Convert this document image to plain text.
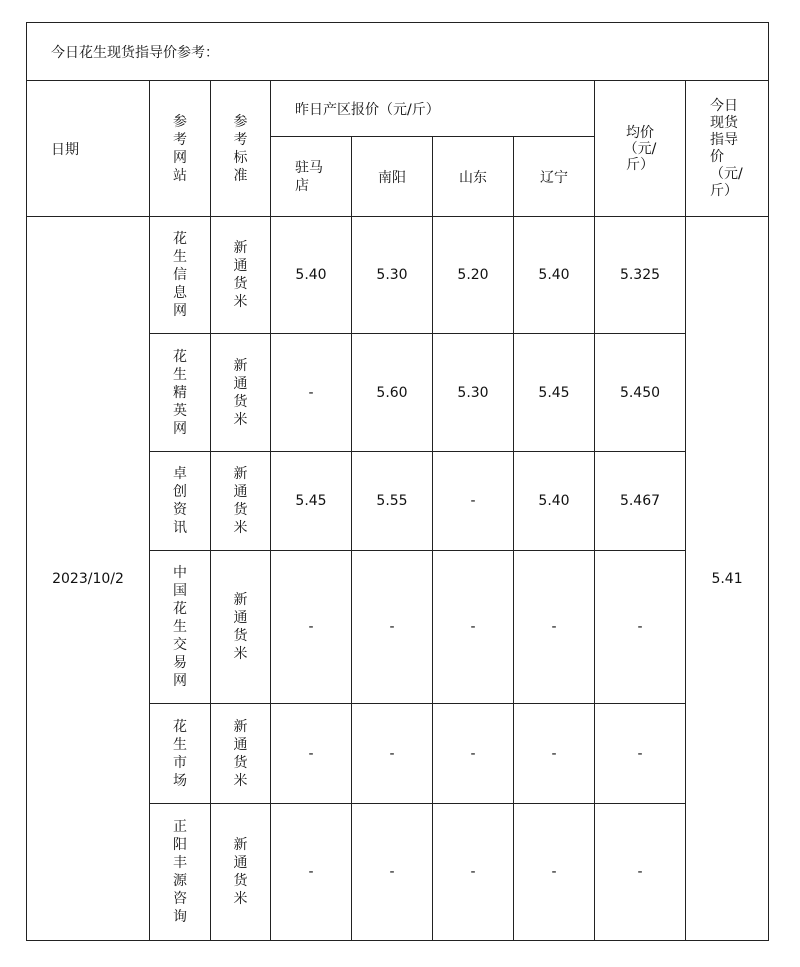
今日花生现货指导价参考：								
日期	参考网站	参考标准	昨日产区报价（元/斤）				均价（元/斤）	今日现货指导价 （元/斤）
			驻马店	南阳	山东	辽宁		
2023/10/2	花生信息网	新通货米	5.40	5.30	5.20	5.40	5.325	5.41
	花生精英网	新通货米	-	5.60	5.30	5.45	5.450	
	卓创资讯	新通货米	5.45	5.55	-	5.40	5.467	
	中国花生交易网	新通货米	-	-	-	-	-	
	花生市场	新通货米	-	-	-	-	-	
	正阳丰源咨询	新通货米	-	-	-	-	-	
